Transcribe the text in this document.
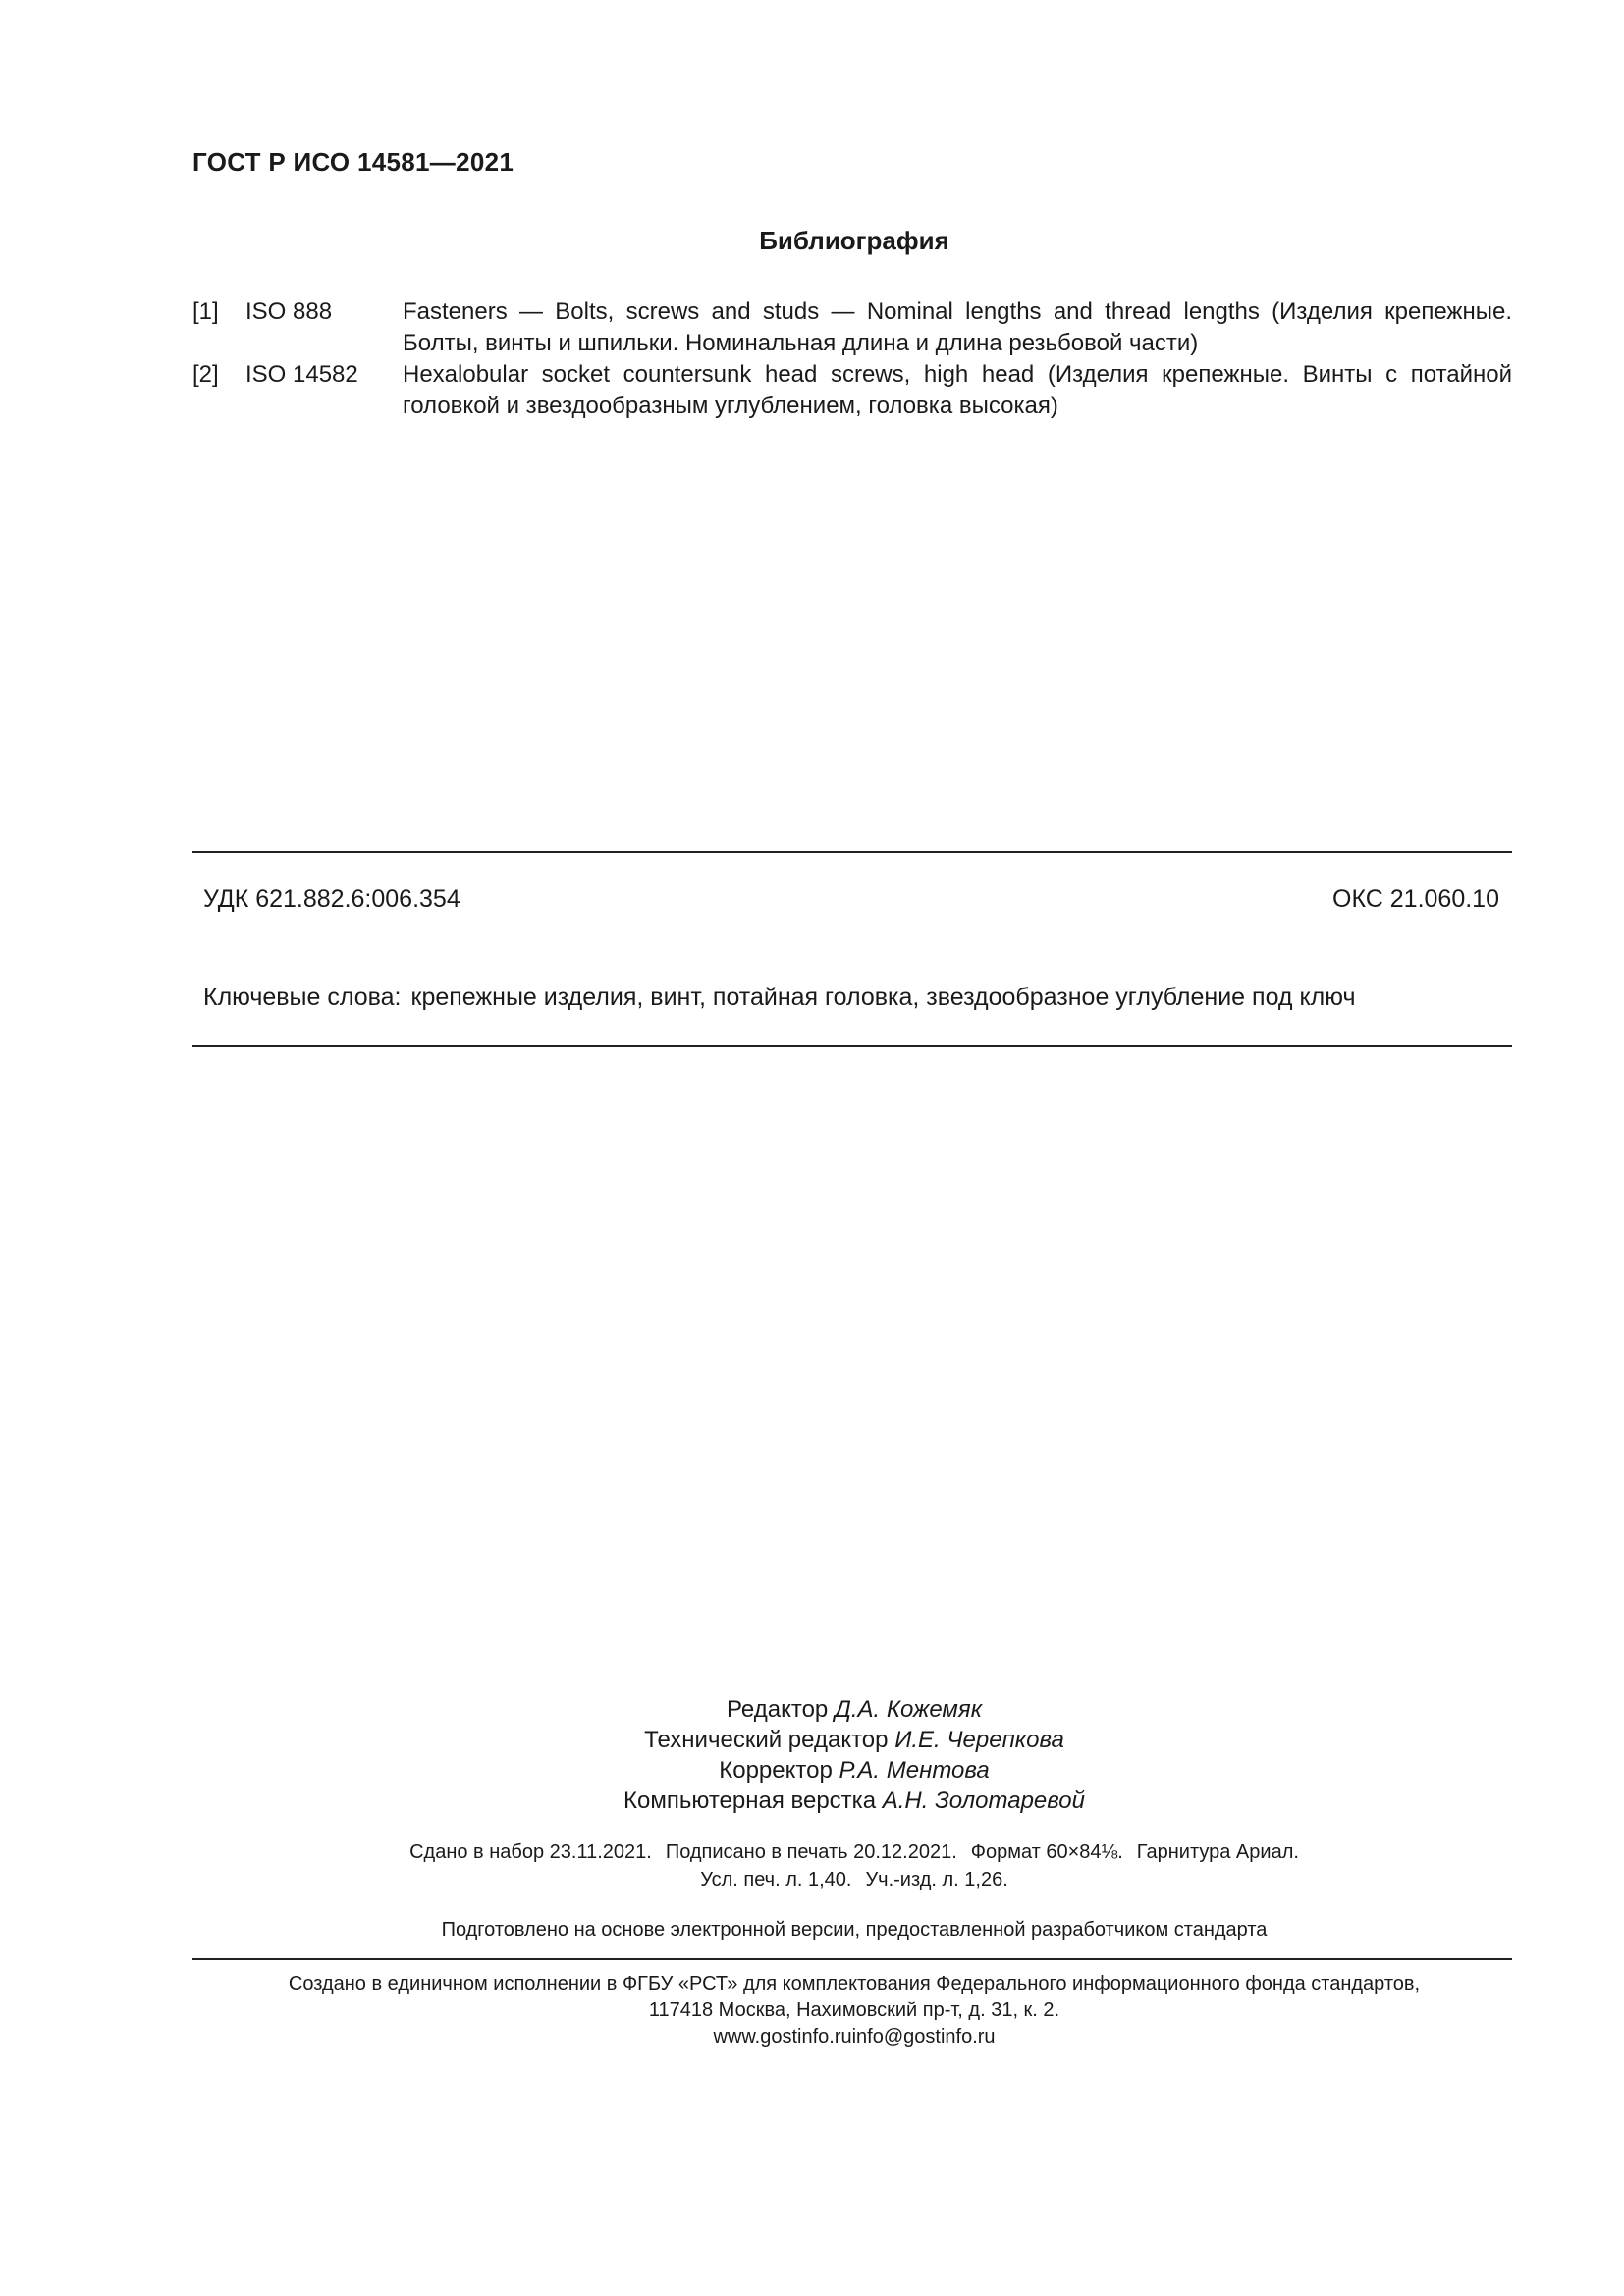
ГОСТ Р ИСО 14581—2021
Библиография
[1] ISO 888	Fasteners — Bolts, screws and studs — Nominal lengths and thread lengths (Изделия крепежные. Болты, винты и шпильки. Номинальная длина и длина резьбовой части)
[2] ISO 14582 Hexalobular socket countersunk head screws, high head (Изделия крепежные. Винты с потайной головкой и звездообразным углублением, головка высокая)
УДК 621.882.6:006.354	ОКС 21.060.10
Ключевые слова: крепежные изделия, винт, потайная головка, звездообразное углубление под ключ
Редактор Д.А. Кожемяк
Технический редактор И.Е. Черепкова
Корректор Р.А. Ментова
Компьютерная верстка А.Н. Золотаревой
Сдано в набор 23.11.2021. Подписано в печать 20.12.2021. Формат 60×84⅛. Гарнитура Ариал.
Усл. печ. л. 1,40. Уч.-изд. л. 1,26.
Подготовлено на основе электронной версии, предоставленной разработчиком стандарта
Создано в единичном исполнении в ФГБУ «РСТ» для комплектования Федерального информационного фонда стандартов,
117418 Москва, Нахимовский пр-т, д. 31, к. 2.
www.gostinfo.ruinfo@gostinfo.ru
